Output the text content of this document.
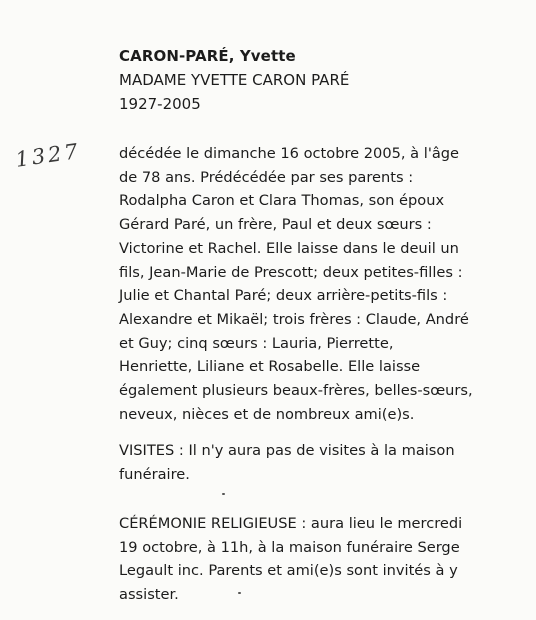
CARON-PARÉ, Yvette
MADAME YVETTE CARON PARÉ
1927-2005
1327	décédée le dimanche 16 octobre 2005, à l'âge
de 78 ans. Prédécédée par ses parents :
Rodalpha Caron et Clara Thomas, son époux
Gérard Paré, un frère, Paul et deux sœurs :
Victorine et Rachel. Elle laisse dans le deuil un
fils, Jean-Marie de Prescott; deux petites-filles :
Julie et Chantal Paré; deux arrière-petits-fils :
Alexandre et Mikaël; trois frères : Claude, André
et Guy; cinq sœurs : Lauria, Pierrette,
Henriette, Liliane et Rosabelle. Elle laisse
également plusieurs beaux-frères, belles-sœurs,
neveux, nièces et de nombreux ami(e)s.
VISITES : Il n'y aura pas de visites à la maison
funéraire.
CÉRÉMONIE RELIGIEUSE : aura lieu le mercredi
19 octobre, à 11h, à la maison funéraire Serge
Legault inc. Parents et ami(e)s sont invités à y
assister.
